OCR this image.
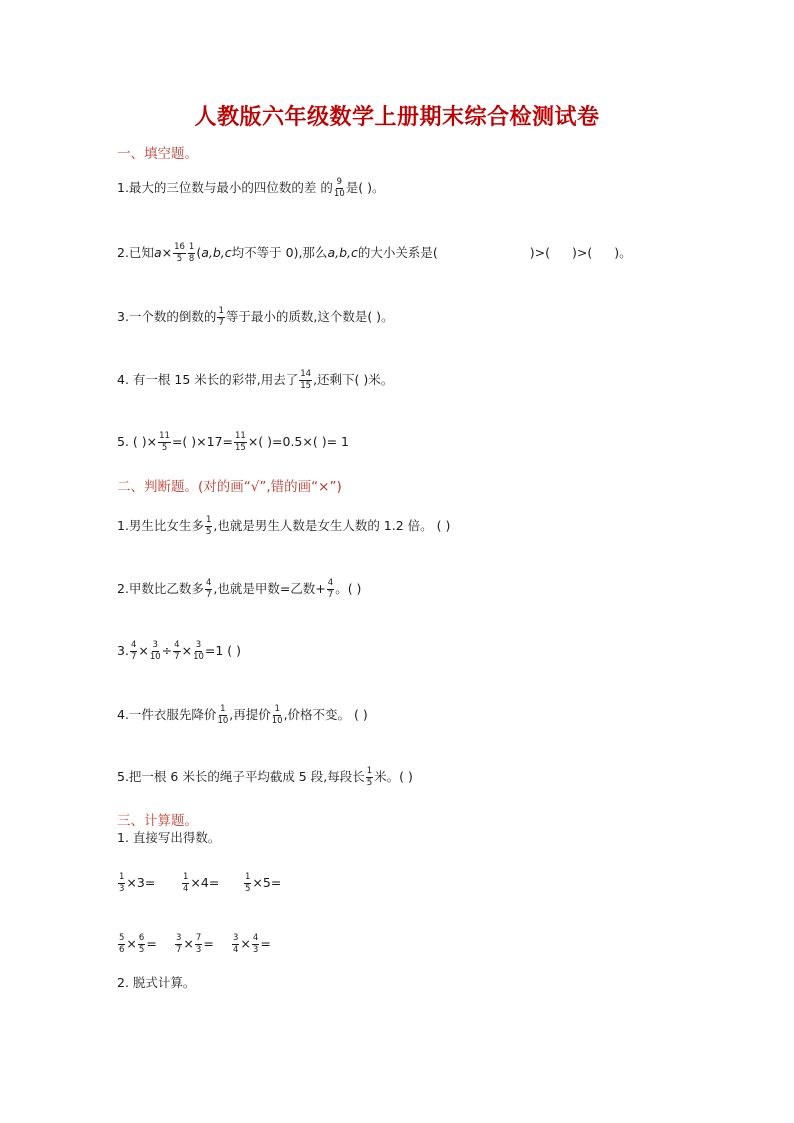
人教版六年级数学上册期末综合检测试卷
一、填空题。
1.最大的三位数与最小的四位数的差 的 $\frac{9}{10}$ 是( )。
2.已知 $a \times \frac{16}{5} \frac{1}{8}$ ( a,b,c 均不等于 0),那么 a,b,c 的大小关系是(	)>( )>( )。
3.一个数的倒数的 $\frac{1}{7}$ 等于最小的质数,这个数是( )。
4. 有一根 15 米长的彩带,用去了 $\frac{14}{15}$ ,还剩下( )米。
5. ( )× $\frac{11}{5}$ =( )$\times 17= \frac{11}{15}$ ×( )=0.5×( )= 1
二、判断题。(对的画“√”,错的画“×”)
1.男生比女生多 $\frac{1}{5}$ ,也就是男生人数是女生人数的 1.2 倍。 ( )
2.甲数比乙数多 $\frac{4}{7}$ ,也就是甲数=乙数+ $\frac{4}{7}$ 。( )
3. $\frac{4}{7} \times \frac{3}{10} \div \frac{4}{7} \times \frac{3}{10} =1$ ( )
4.一件衣服先降价 $\frac{1}{10}$ ,再提价 $\frac{1}{10}$ ,价格不变。 ( )
5.把一根 6 米长的绳子平均截成 5 段,每段长 $\frac{1}{5}$ 米。( )
三、计算题。
1. 直接写出得数。
$\frac{1}{3} \times 3=$	$\frac{1}{4} \times 4=$	$\frac{1}{5} \times 5=$
$\frac{5}{6} \times \frac{6}{5} = \frac{3}{7} \times \frac{7}{3} = \frac{3}{4} \times \frac{4}{3}$ =
2. 脱式计算。
